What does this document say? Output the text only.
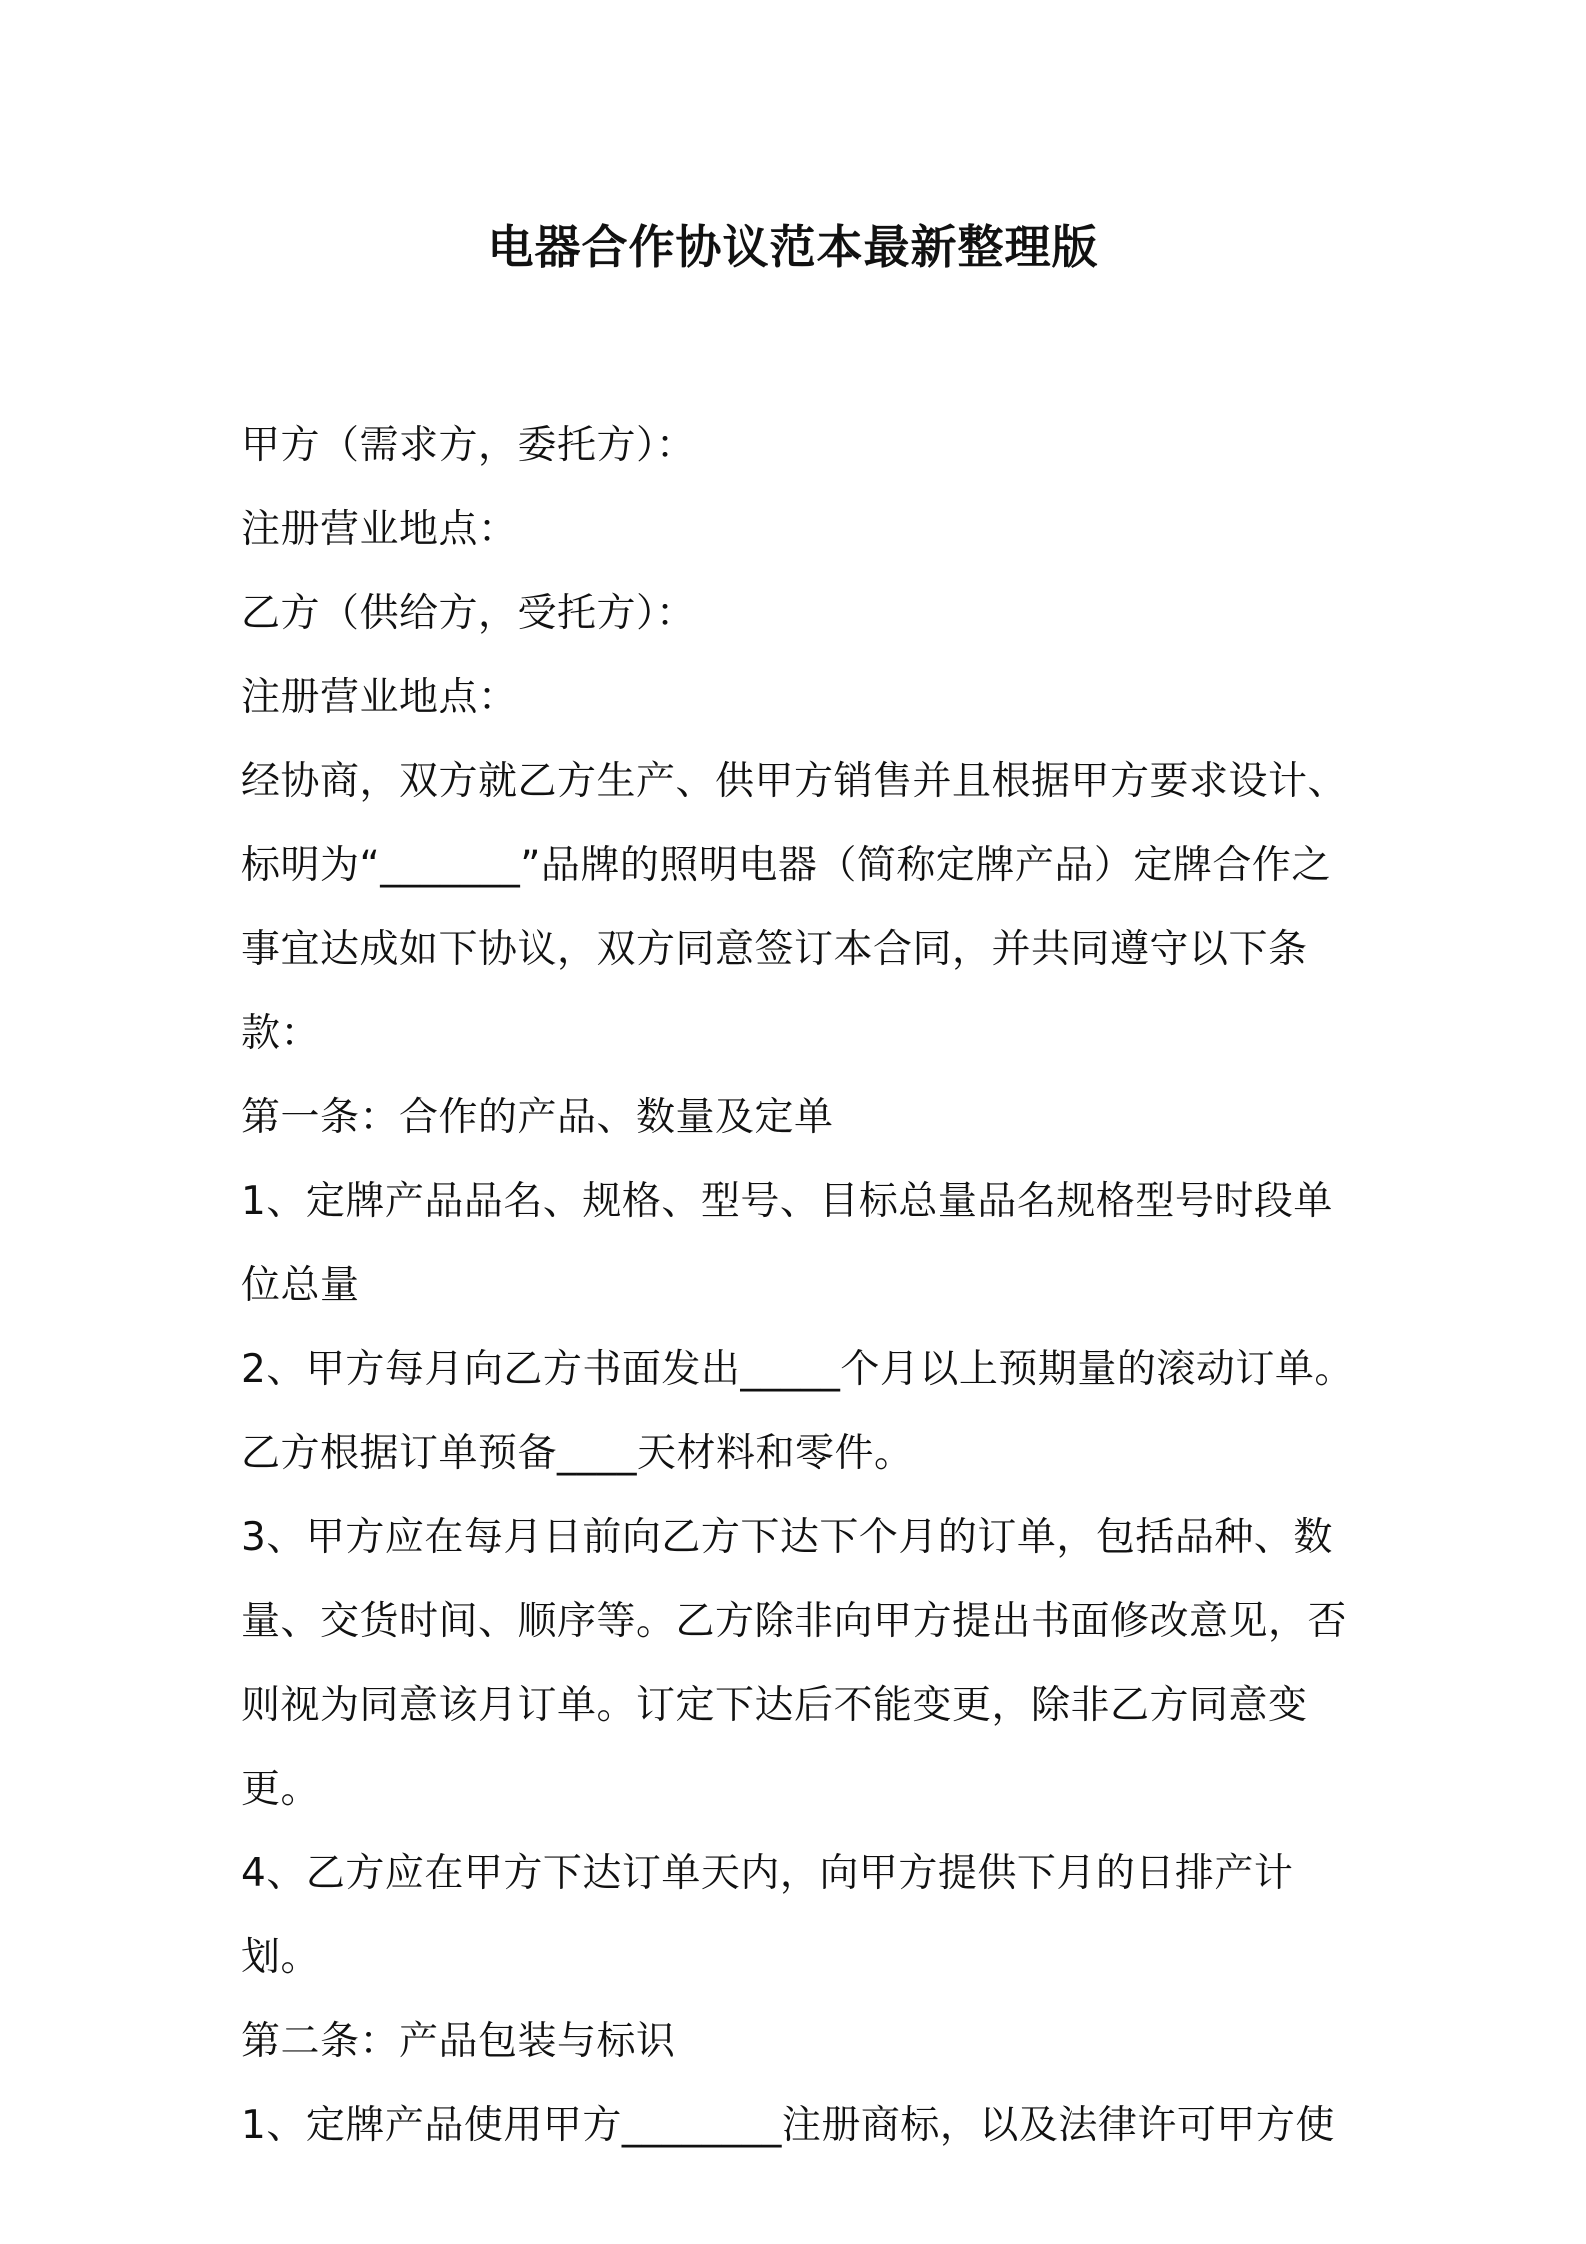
电器合作协议范本最新整理版

甲方（需求方，委托方）：

注册营业地点：

乙方（供给方，受托方）：

注册营业地点：

经协商，双方就乙方生产、供甲方销售并且根据甲方要求设计、标明为“_______”品牌的照明电器（简称定牌产品）定牌合作之事宜达成如下协议，双方同意签订本合同，并共同遵守以下条款：

第一条：合作的产品、数量及定单

1、定牌产品品名、规格、型号、目标总量品名规格型号时段单位总量

2、甲方每月向乙方书面发出_____个月以上预期量的滚动订单。乙方根据订单预备____天材料和零件。

3、甲方应在每月日前向乙方下达下个月的订单，包括品种、数量、交货时间、顺序等。乙方除非向甲方提出书面修改意见，否则视为同意该月订单。订定下达后不能变更，除非乙方同意变更。

4、乙方应在甲方下达订单天内，向甲方提供下月的日排产计划。

第二条：产品包装与标识

1、定牌产品使用甲方________注册商标，以及法律许可甲方使
